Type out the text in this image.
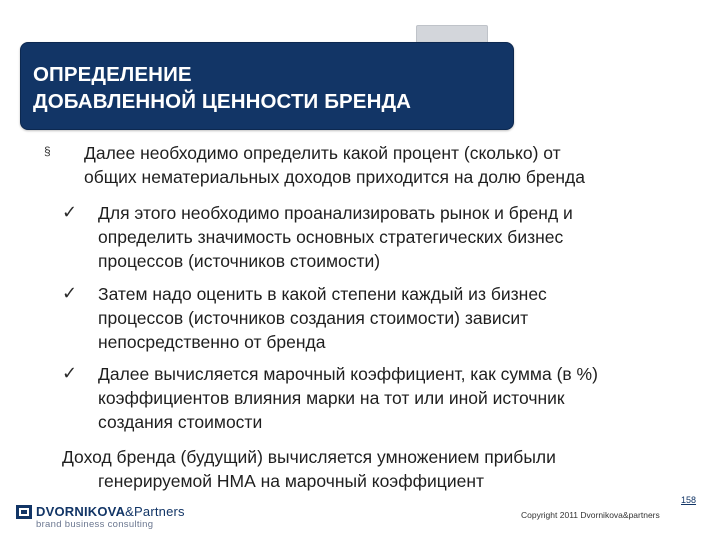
ОПРЕДЕЛЕНИЕ
ДОБАВЛЕННОЙ ЦЕННОСТИ БРЕНДА
§ Далее необходимо определить какой процент (сколько) от
общих нематериальных доходов приходится на долю бренда
✓ Для этого необходимо проанализировать рынок и бренд и
определить значимость основных стратегических бизнес
процессов (источников стоимости)
✓ Затем надо оценить в какой степени каждый из бизнес
процессов (источников создания стоимости) зависит
непосредственно от бренда
✓ Далее вычисляется марочный коэффициент, как сумма (в %)
коэффициентов влияния марки на тот или иной источник
создания стоимости
Доход бренда (будущий) вычисляется умножением прибыли
генерируемой НМА на марочный коэффициент
DVORNIKOVA&Partners
brand business consulting
Copyright 2011 Dvornikova&partners
158
